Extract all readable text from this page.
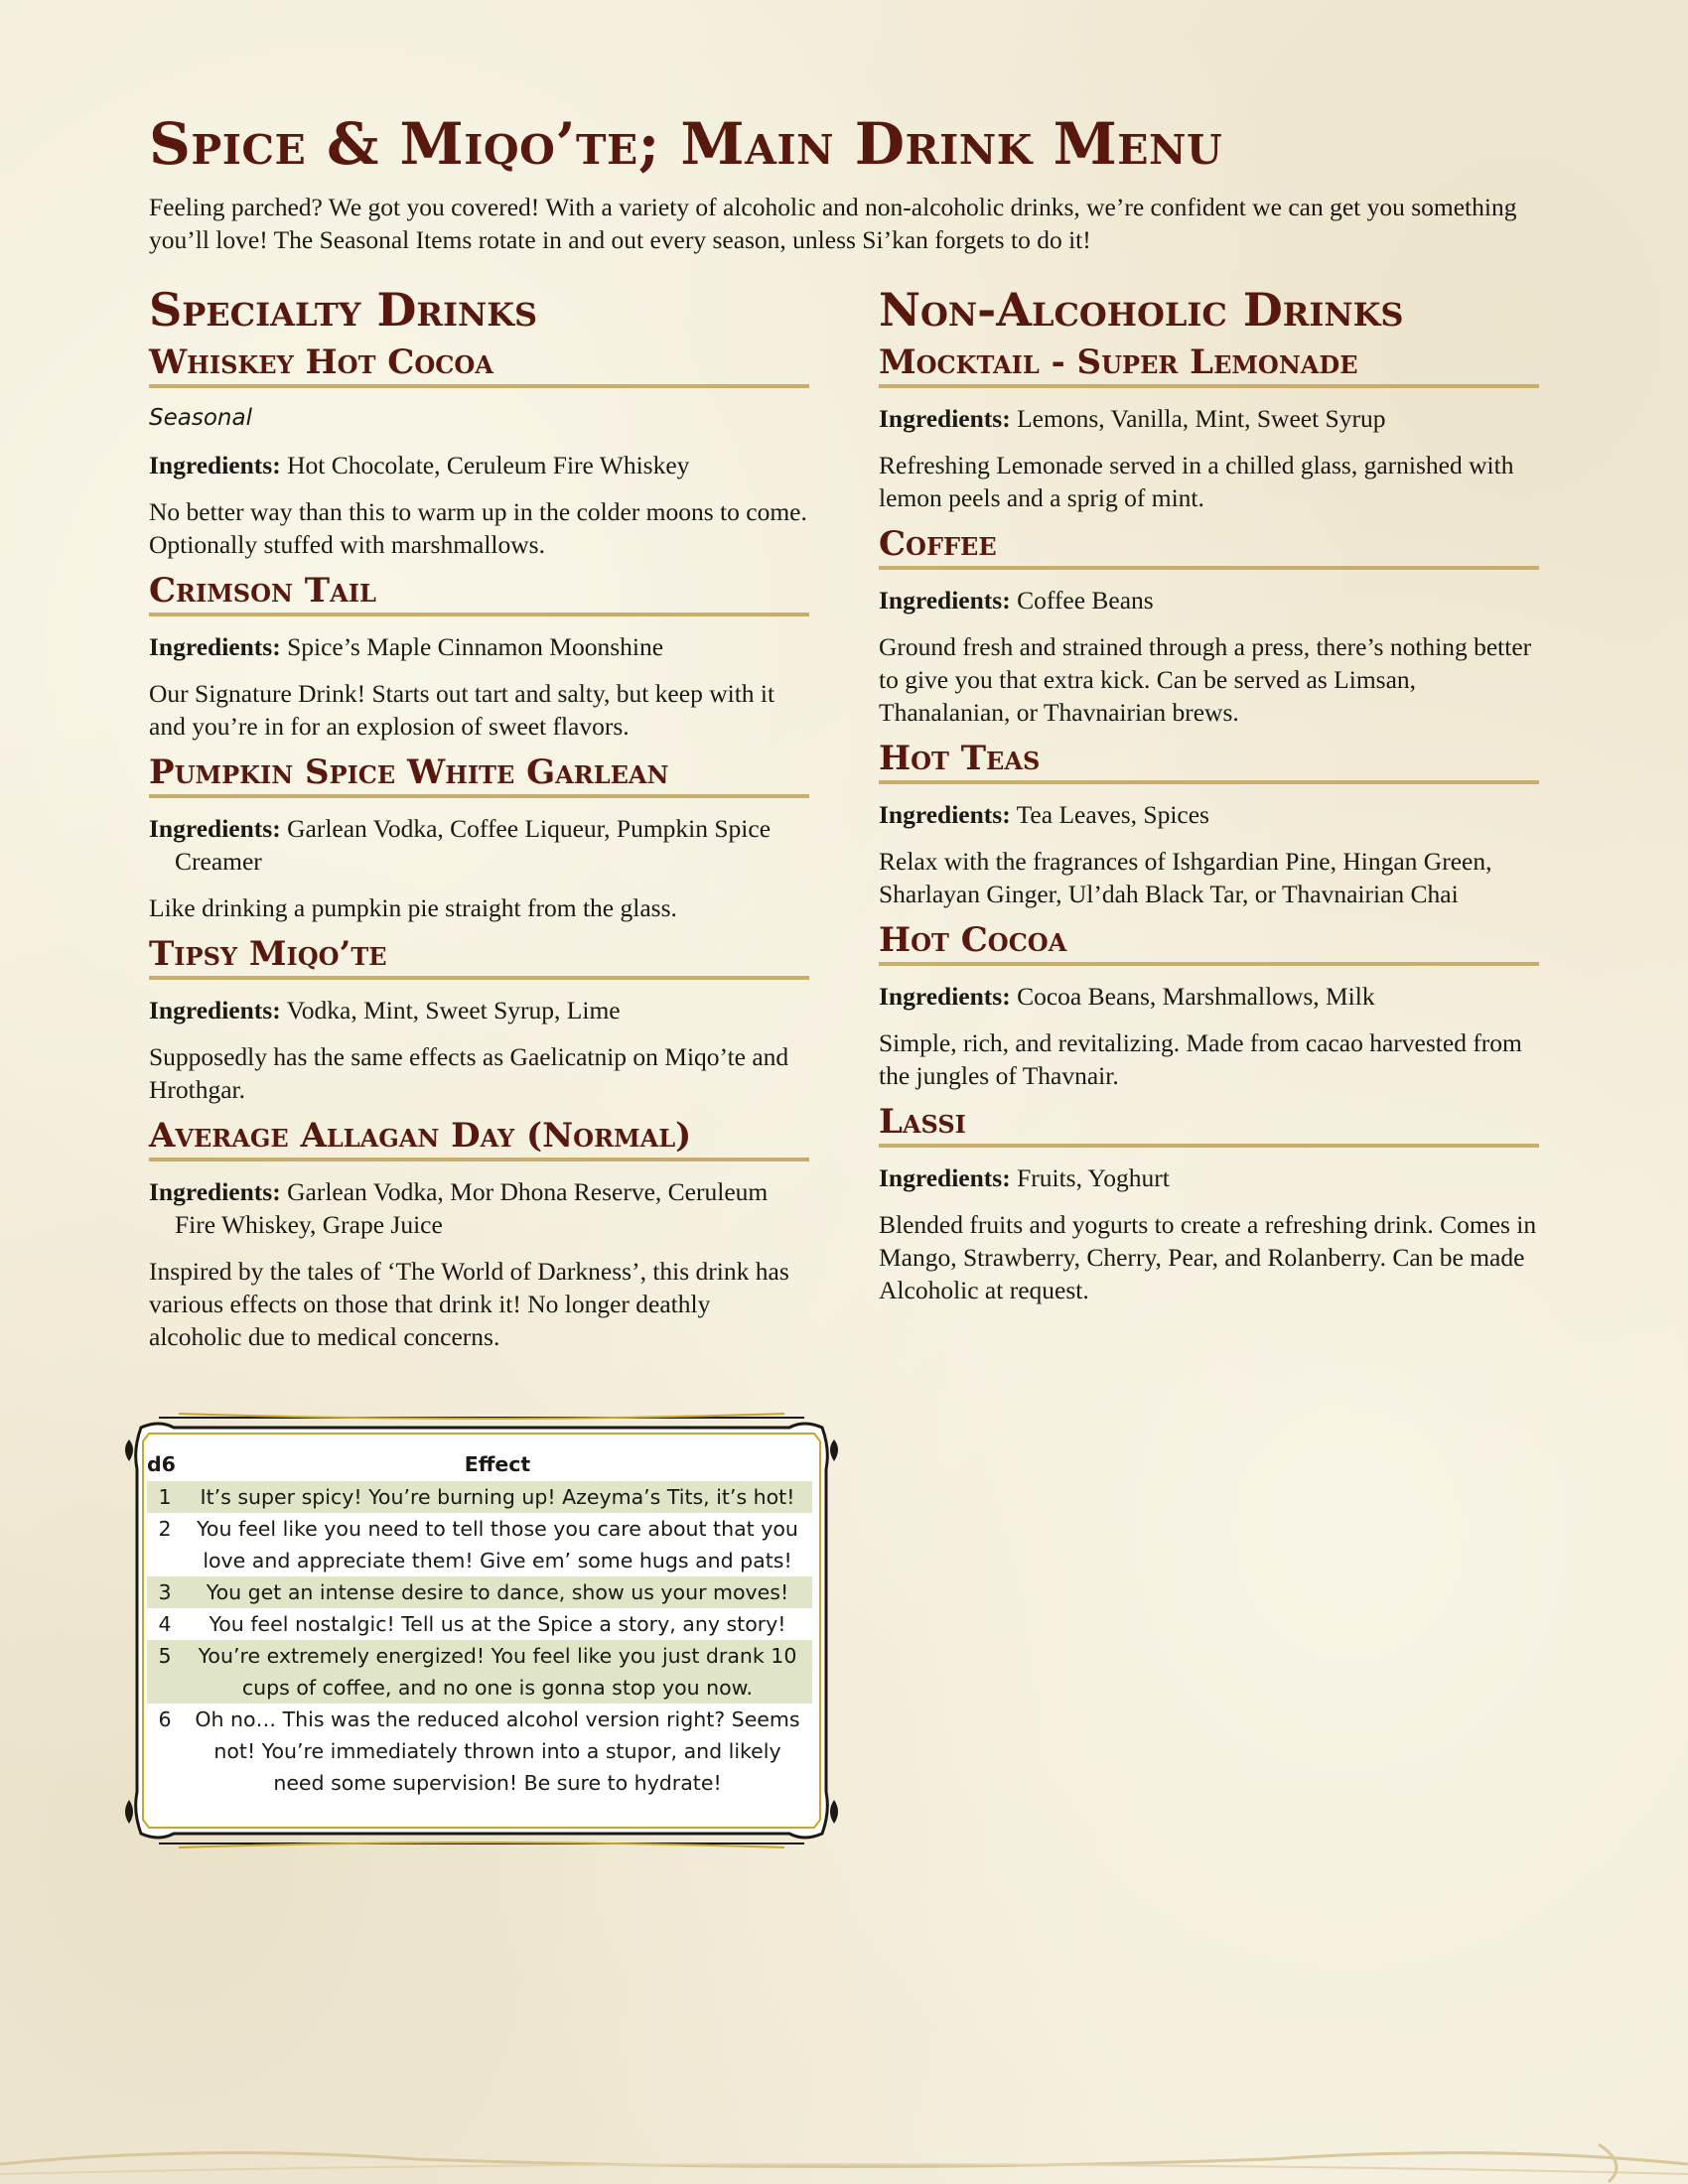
Spice & Miqo’te; Main Drink Menu

Feeling parched? We got you covered! With a variety of alcoholic and non-alcoholic drinks, we’re confident we can get you something you’ll love! The Seasonal Items rotate in and out every season, unless Si’kan forgets to do it!

Specialty Drinks
Whiskey Hot Cocoa

Seasonal

Ingredients: Hot Chocolate, Ceruleum Fire Whiskey

No better way than this to warm up in the colder moons to come. Optionally stuffed with marshmallows.

Crimson Tail

Ingredients: Spice’s Maple Cinnamon Moonshine

Our Signature Drink! Starts out tart and salty, but keep with it and you’re in for an explosion of sweet flavors.

Pumpkin Spice White Garlean

Ingredients: Garlean Vodka, Coffee Liqueur, Pumpkin Spice Creamer

Like drinking a pumpkin pie straight from the glass.

Tipsy Miqo’te

Ingredients: Vodka, Mint, Sweet Syrup, Lime

Supposedly has the same effects as Gaelicatnip on Miqo’te and Hrothgar.

Average Allagan Day (Normal)

Ingredients: Garlean Vodka, Mor Dhona Reserve, Ceruleum Fire Whiskey, Grape Juice

Inspired by the tales of ‘The World of Darkness’, this drink has various effects on those that drink it! No longer deathly alcoholic due to medical concerns.

Non-Alcoholic Drinks
Mocktail - Super Lemonade

Ingredients: Lemons, Vanilla, Mint, Sweet Syrup

Refreshing Lemonade served in a chilled glass, garnished with lemon peels and a sprig of mint.

Coffee

Ingredients: Coffee Beans

Ground fresh and strained through a press, there’s nothing better to give you that extra kick. Can be served as Limsan, Thanalanian, or Thavnairian brews.

Hot Teas

Ingredients: Tea Leaves, Spices

Relax with the fragrances of Ishgardian Pine, Hingan Green, Sharlayan Ginger, Ul’dah Black Tar, or Thavnairian Chai

Hot Cocoa

Ingredients: Cocoa Beans, Marshmallows, Milk

Simple, rich, and revitalizing. Made from cacao harvested from the jungles of Thavnair.

Lassi

Ingredients: Fruits, Yoghurt

Blended fruits and yogurts to create a refreshing drink. Comes in Mango, Strawberry, Cherry, Pear, and Rolanberry. Can be made Alcoholic at request.

d6	Effect
1	It’s super spicy! You’re burning up! Azeyma’s Tits, it’s hot!
2	You feel like you need to tell those you care about that you love and appreciate them! Give em’ some hugs and pats!
3	You get an intense desire to dance, show us your moves!
4	You feel nostalgic! Tell us at the Spice a story, any story!
5	You’re extremely energized! You feel like you just drank 10 cups of coffee, and no one is gonna stop you now.
6	Oh no… This was the reduced alcohol version right? Seems not! You’re immediately thrown into a stupor, and likely need some supervision! Be sure to hydrate!
